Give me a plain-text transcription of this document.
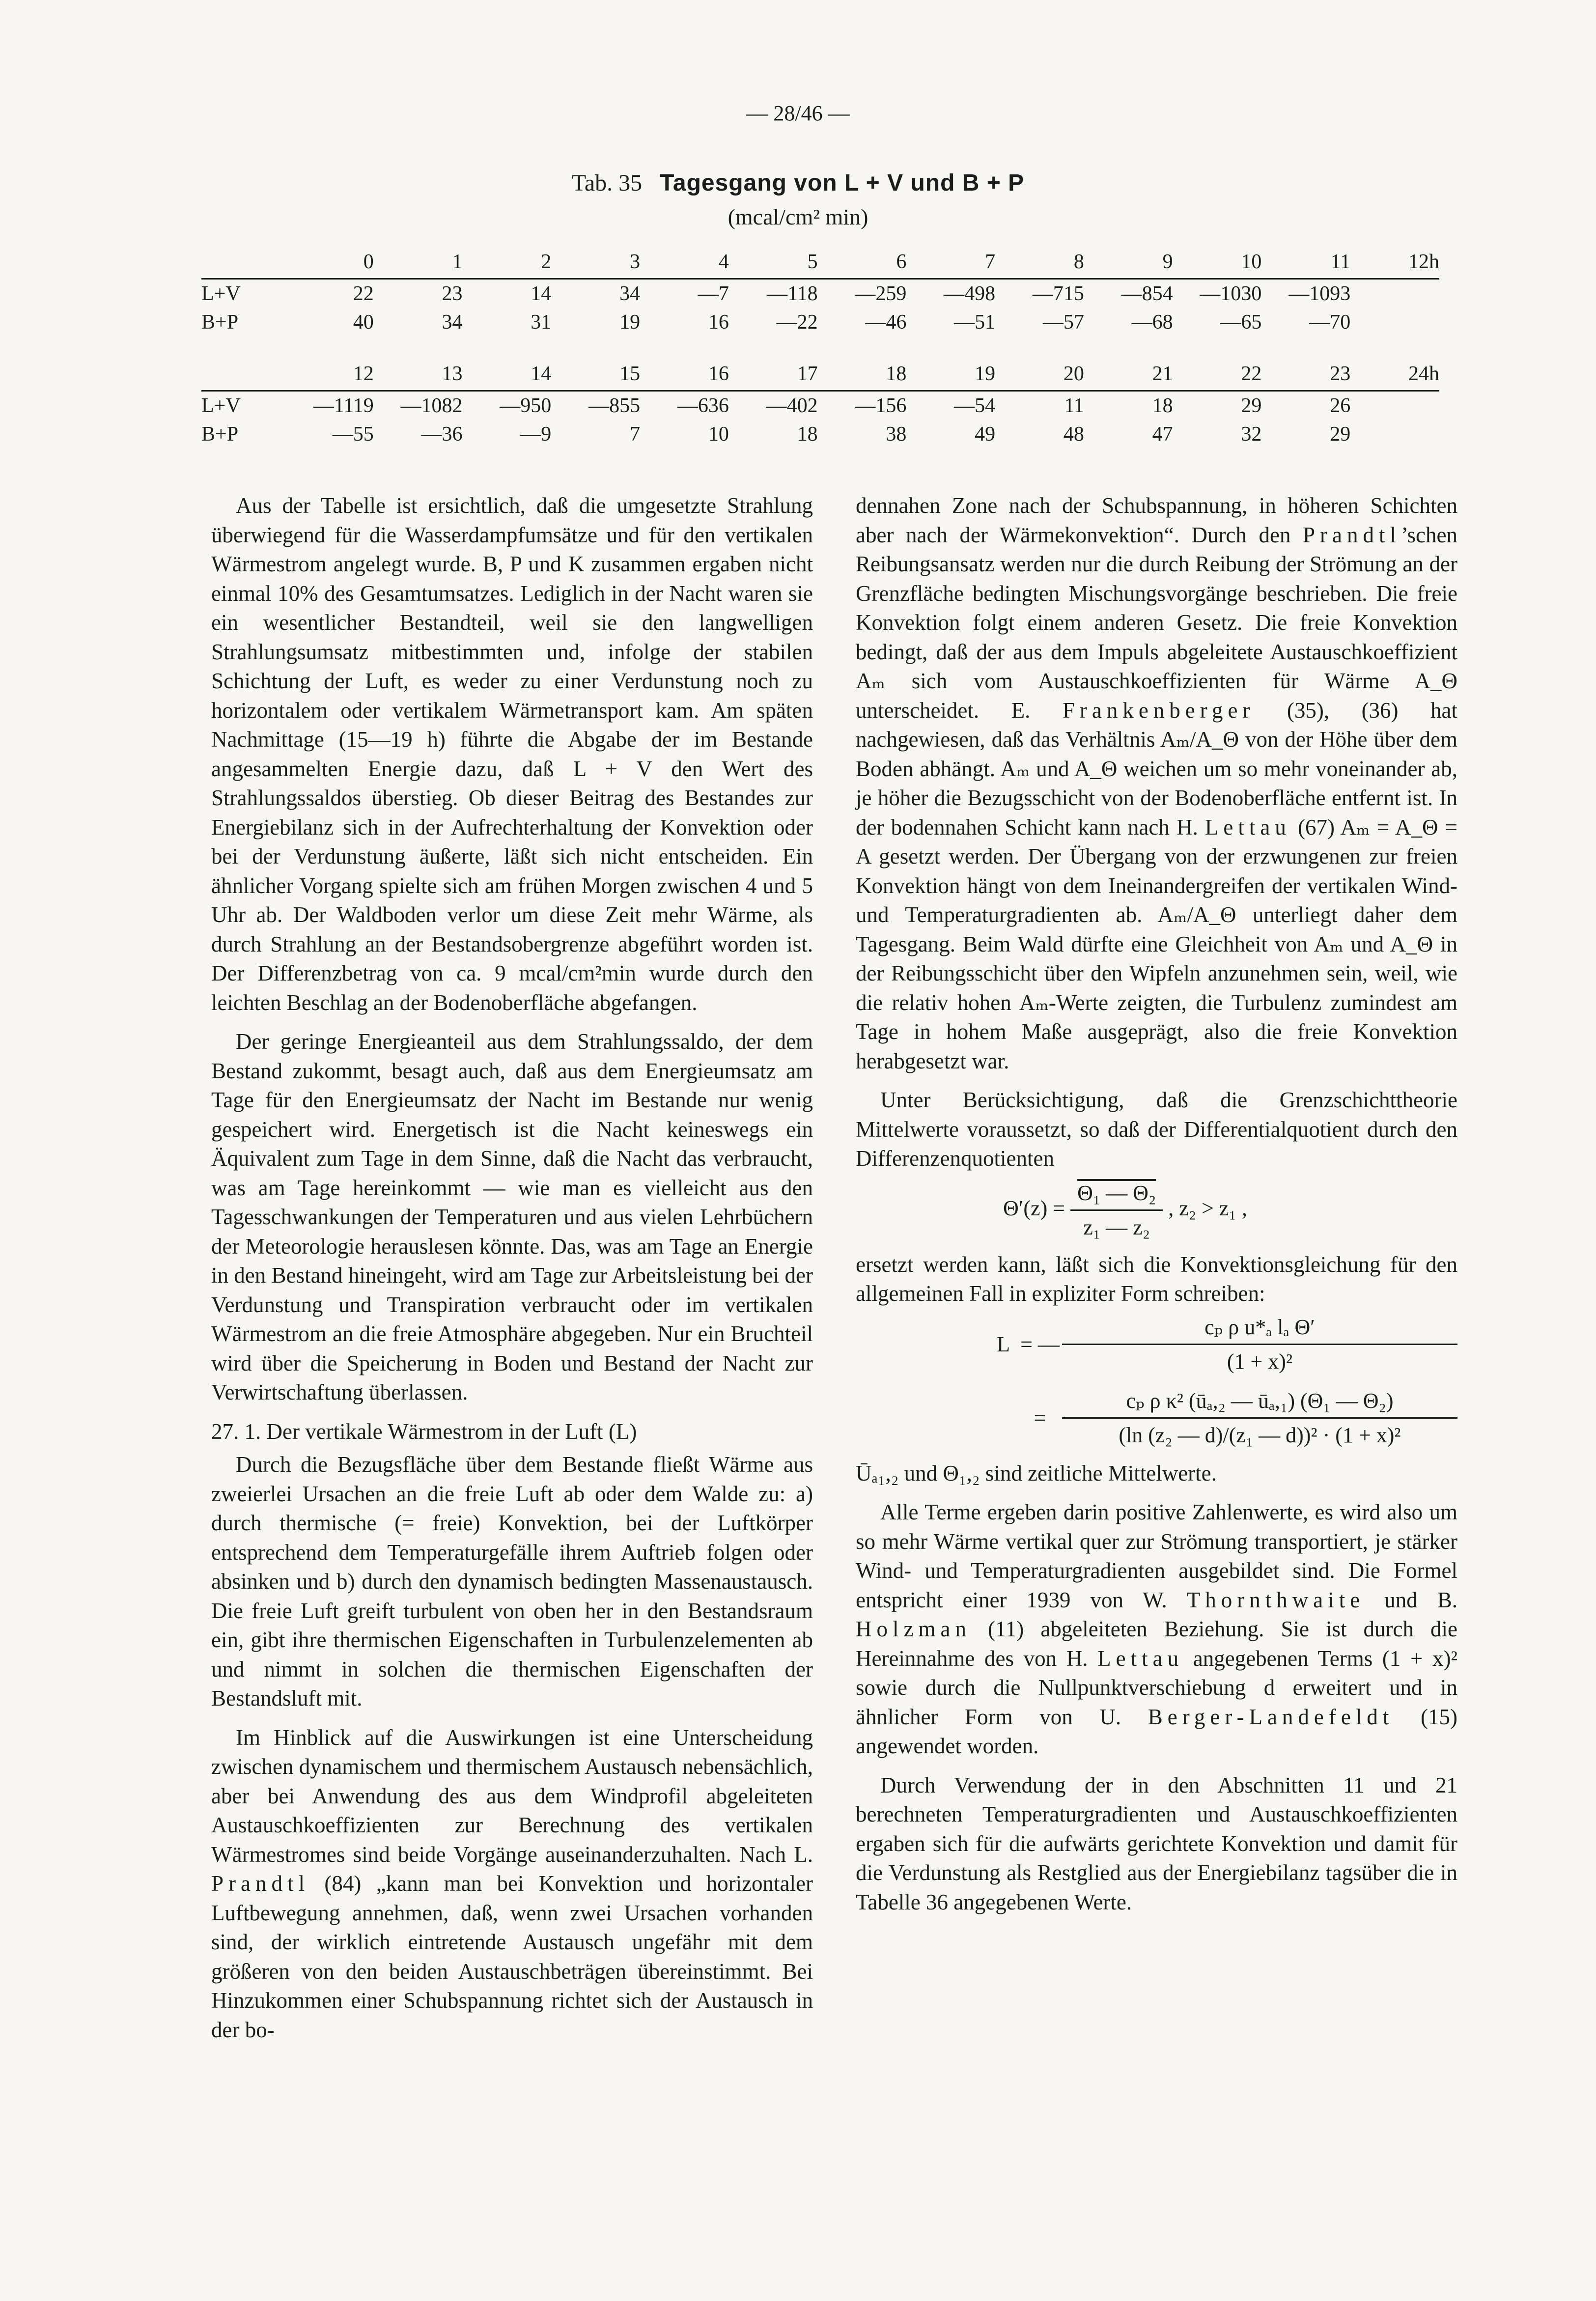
— 28/46 —
Tab. 35 Tagesgang von L + V und B + P
(mcal/cm² min)
	0	1	2	3	4	5	6	7	8	9	10	11	12h
L+V	22	23	14	34	—7	—118	—259	—498	—715	—854	—1030	—1093	
B+P	40	34	31	19	16	—22	—46	—51	—57	—68	—65	—70	
	12	13	14	15	16	17	18	19	20	21	22	23	24h
L+V	—1119	—1082	—950	—855	—636	—402	—156	—54	11	18	29	26	
B+P	—55	—36	—9	7	10	18	38	49	48	47	32	29	

Aus der Tabelle ist ersichtlich, daß die umgesetzte Strahlung überwiegend für die Wasserdampfumsätze und für den vertikalen Wärmestrom angelegt wurde. B, P und K zusammen ergaben nicht einmal 10% des Gesamtumsatzes. Lediglich in der Nacht waren sie ein wesentlicher Bestandteil, weil sie den langwelligen Strahlungsumsatz mitbestimmten und, infolge der stabilen Schichtung der Luft, es weder zu einer Verdunstung noch zu horizontalem oder vertikalem Wärmetransport kam. Am späten Nachmittage (15—19 h) führte die Abgabe der im Bestande angesammelten Energie dazu, daß L + V den Wert des Strahlungssaldos überstieg. Ob dieser Beitrag des Bestandes zur Energiebilanz sich in der Aufrechterhaltung der Konvektion oder bei der Verdunstung äußerte, läßt sich nicht entscheiden. Ein ähnlicher Vorgang spielte sich am frühen Morgen zwischen 4 und 5 Uhr ab. Der Waldboden verlor um diese Zeit mehr Wärme, als durch Strahlung an der Bestandsobergrenze abgeführt worden ist. Der Differenzbetrag von ca. 9 mcal/cm²min wurde durch den leichten Beschlag an der Bodenoberfläche abgefangen.

Der geringe Energieanteil aus dem Strahlungssaldo, der dem Bestand zukommt, besagt auch, daß aus dem Energieumsatz am Tage für den Energieumsatz der Nacht im Bestande nur wenig gespeichert wird. Energetisch ist die Nacht keineswegs ein Äquivalent zum Tage in dem Sinne, daß die Nacht das verbraucht, was am Tage hereinkommt — wie man es vielleicht aus den Tagesschwankungen der Temperaturen und aus vielen Lehrbüchern der Meteorologie herauslesen könnte. Das, was am Tage an Energie in den Bestand hineingeht, wird am Tage zur Arbeitsleistung bei der Verdunstung und Transpiration verbraucht oder im vertikalen Wärmestrom an die freie Atmosphäre abgegeben. Nur ein Bruchteil wird über die Speicherung in Boden und Bestand der Nacht zur Verwirtschaftung überlassen.

27. 1. Der vertikale Wärmestrom in der Luft (L)

Durch die Bezugsfläche über dem Bestande fließt Wärme aus zweierlei Ursachen an die freie Luft ab oder dem Walde zu: a) durch thermische (= freie) Konvektion, bei der Luftkörper entsprechend dem Temperaturgefälle ihrem Auftrieb folgen oder absinken und b) durch den dynamisch bedingten Massenaustausch. Die freie Luft greift turbulent von oben her in den Bestandsraum ein, gibt ihre thermischen Eigenschaften in Turbulenzelementen ab und nimmt in solchen die thermischen Eigenschaften der Bestandsluft mit.

Im Hinblick auf die Auswirkungen ist eine Unterscheidung zwischen dynamischem und thermischem Austausch nebensächlich, aber bei Anwendung des aus dem Windprofil abgeleiteten Austauschkoeffizienten zur Berechnung des vertikalen Wärmestromes sind beide Vorgänge auseinanderzuhalten. Nach L. Prandtl (84) „kann man bei Konvektion und horizontaler Luftbewegung annehmen, daß, wenn zwei Ursachen vorhanden sind, der wirklich eintretende Austausch ungefähr mit dem größeren von den beiden Austauschbeträgen übereinstimmt. Bei Hinzukommen einer Schubspannung richtet sich der Austausch in der bo-

dennahen Zone nach der Schubspannung, in höheren Schichten aber nach der Wärmekonvektion“. Durch den Prandtl’schen Reibungsansatz werden nur die durch Reibung der Strömung an der Grenzfläche bedingten Mischungsvorgänge beschrieben. Die freie Konvektion folgt einem anderen Gesetz. Die freie Konvektion bedingt, daß der aus dem Impuls abgeleitete Austauschkoeffizient Aₘ sich vom Austauschkoeffizienten für Wärme A_Θ unterscheidet. E. Frankenberger (35), (36) hat nachgewiesen, daß das Verhältnis Aₘ/A_Θ von der Höhe über dem Boden abhängt. Aₘ und A_Θ weichen um so mehr voneinander ab, je höher die Bezugsschicht von der Bodenoberfläche entfernt ist. In der bodennahen Schicht kann nach H. Lettau (67) Aₘ = A_Θ = A gesetzt werden. Der Übergang von der erzwungenen zur freien Konvektion hängt von dem Ineinandergreifen der vertikalen Wind- und Temperaturgradienten ab. Aₘ/A_Θ unterliegt daher dem Tagesgang. Beim Wald dürfte eine Gleichheit von Aₘ und A_Θ in der Reibungsschicht über den Wipfeln anzunehmen sein, weil, wie die relativ hohen Aₘ-Werte zeigten, die Turbulenz zumindest am Tage in hohem Maße ausgeprägt, also die freie Konvektion herabgesetzt war.

Unter Berücksichtigung, daß die Grenzschichttheorie Mittelwerte voraussetzt, so daß der Differentialquotient durch den Differenzenquotienten

$\Theta'(z) = \frac{\text{Θ₁ — Θ₂}}{\text{z₁ — z₂}}$ , z₂ > z₁ ,

ersetzt werden kann, läßt sich die Konvektionsgleichung für den allgemeinen Fall in expliziter Form schreiben:

L = — $\frac{\text{cₚ ρ u*ₐ lₐ Θ′}}{\text{(1 + x)²}}$
= $\frac{\text{cₚ ρ κ² (ūₐ,₂ — ūₐ,₁) (Θ₁ — Θ₂)}}{\text{(ln (z₂ — d)/(z₁ — d))² · (1 + x)²}}$

Ūₐ₁,₂ und Θ₁,₂ sind zeitliche Mittelwerte.

Alle Terme ergeben darin positive Zahlenwerte, es wird also um so mehr Wärme vertikal quer zur Strömung transportiert, je stärker Wind- und Temperaturgradienten ausgebildet sind. Die Formel entspricht einer 1939 von W. Thornthwaite und B. Holzman (11) abgeleiteten Beziehung. Sie ist durch die Hereinnahme des von H. Lettau angegebenen Terms (1 + x)² sowie durch die Nullpunktverschiebung d erweitert und in ähnlicher Form von U. Berger-Landefeldt (15) angewendet worden.

Durch Verwendung der in den Abschnitten 11 und 21 berechneten Temperaturgradienten und Austauschkoeffizienten ergaben sich für die aufwärts gerichtete Konvektion und damit für die Verdunstung als Restglied aus der Energiebilanz tagsüber die in Tabelle 36 angegebenen Werte.
